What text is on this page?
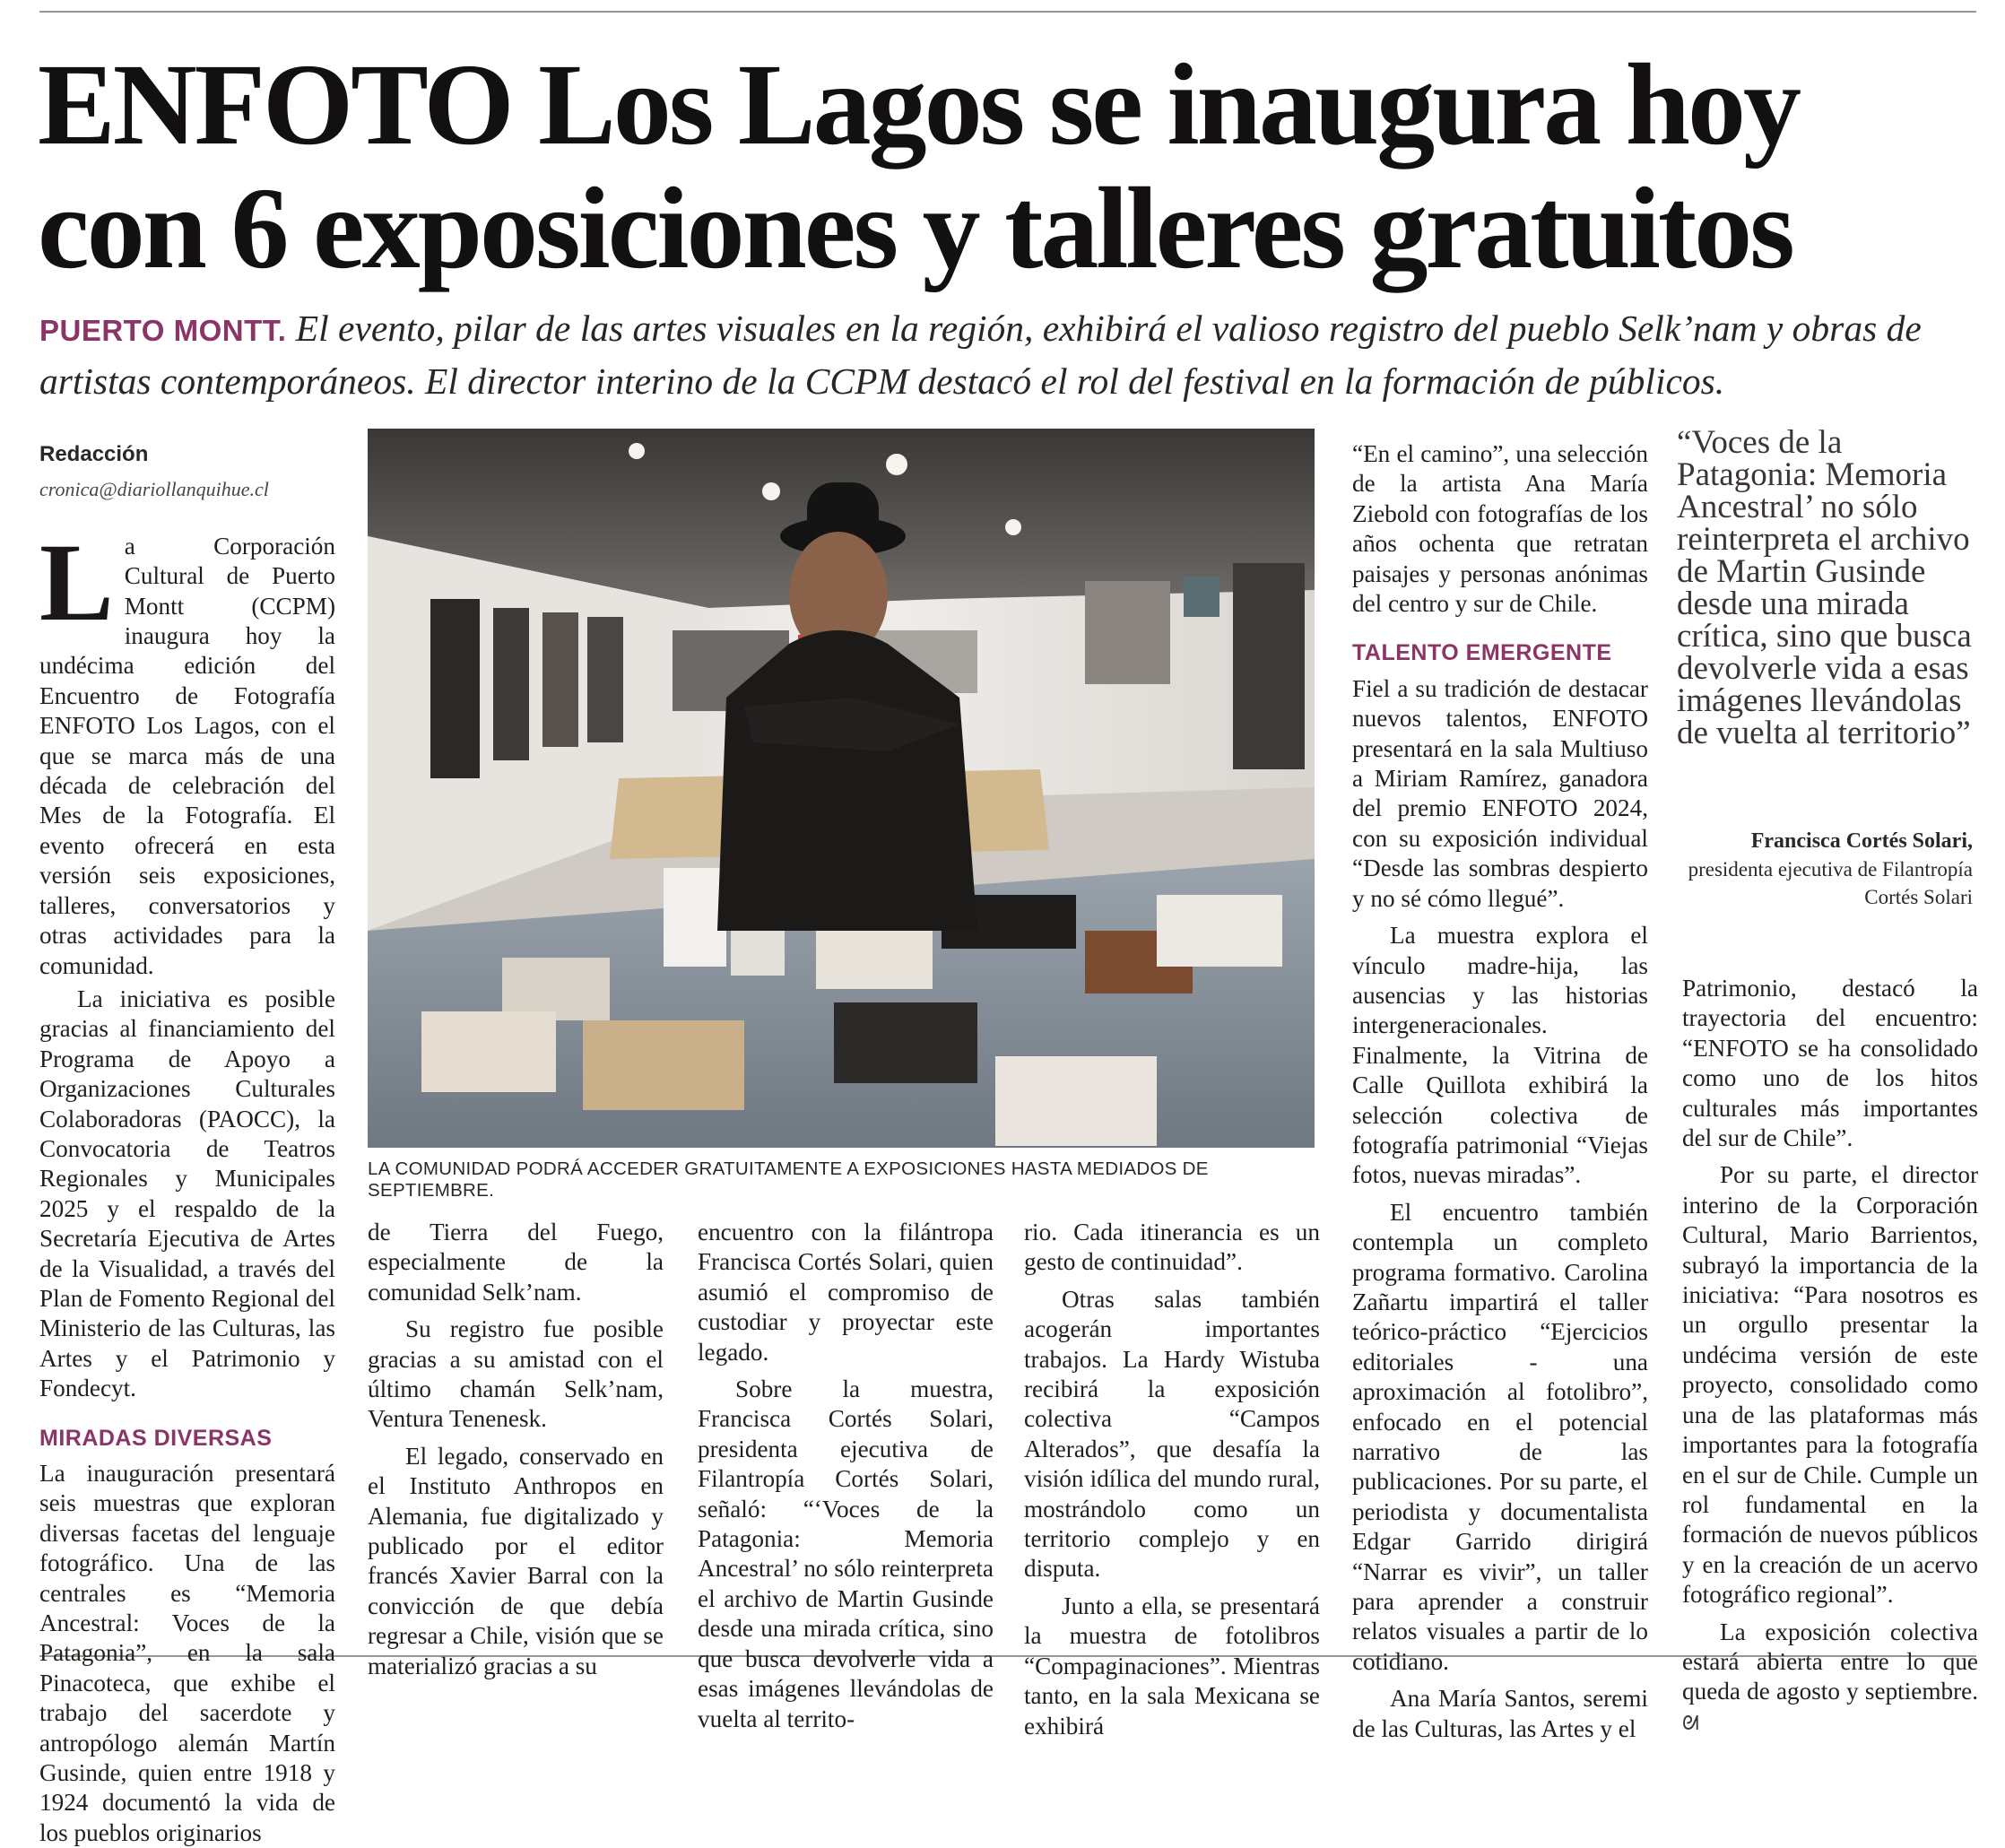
ENFOTO Los Lagos se inaugura hoy
con 6 exposiciones y talleres gratuitos
PUERTO MONTT. El evento, pilar de las artes visuales en la región, exhibirá el valioso registro del pueblo Selk’nam y obras de artistas contemporáneos. El director interino de la CCPM destacó el rol del festival en la formación de públicos.
Redacción
cronica@diariollanquihue.cl

La Corporación Cultural de Puerto Montt (CCPM) inaugura hoy la undécima edición del Encuentro de Fotografía ENFOTO Los Lagos, con el que se marca más de una década de celebración del Mes de la Fotografía. El evento ofrecerá en esta versión seis exposiciones, talleres, conversatorios y otras actividades para la comunidad.

La iniciativa es posible gracias al financiamiento del Programa de Apoyo a Organizaciones Culturales Colaboradoras (PAOCC), la Convocatoria de Teatros Regionales y Municipales 2025 y el respaldo de la Secretaría Ejecutiva de Artes de la Visualidad, a través del Plan de Fomento Regional del Ministerio de las Culturas, las Artes y el Patrimonio y Fondecyt.

MIRADAS DIVERSAS

La inauguración presentará seis muestras que exploran diversas facetas del lenguaje fotográfico. Una de las centrales es “Memoria Ancestral: Voces de la Patagonia”, en la sala Pinacoteca, que exhibe el trabajo del sacerdote y antropólogo alemán Martín Gusinde, quien entre 1918 y 1924 documentó la vida de los pueblos originarios

LA COMUNIDAD PODRÁ ACCEDER GRATUITAMENTE A EXPOSICIONES HASTA MEDIADOS DE SEPTIEMBRE.

de Tierra del Fuego, especialmente de la comunidad Selk’nam.

Su registro fue posible gracias a su amistad con el último chamán Selk’nam, Ventura Tenenesk.

El legado, conservado en el Instituto Anthropos en Alemania, fue digitalizado y publicado por el editor francés Xavier Barral con la convicción de que debía regresar a Chile, visión que se materializó gracias a su

encuentro con la filántropa Francisca Cortés Solari, quien asumió el compromiso de custodiar y proyectar este legado.

Sobre la muestra, Francisca Cortés Solari, presidenta ejecutiva de Filantropía Cortés Solari, señaló: “‘Voces de la Patagonia: Memoria Ancestral’ no sólo reinterpreta el archivo de Martin Gusinde desde una mirada crítica, sino que busca devolverle vida a esas imágenes llevándolas de vuelta al territo-

rio. Cada itinerancia es un gesto de continuidad”.

Otras salas también acogerán importantes trabajos. La Hardy Wistuba recibirá la exposición colectiva “Campos Alterados”, que desafía la visión idílica del mundo rural, mostrándolo como un territorio complejo y en disputa.

Junto a ella, se presentará la muestra de fotolibros “Compaginaciones”. Mientras tanto, en la sala Mexicana se exhibirá

“En el camino”, una selección de la artista Ana María Ziebold con fotografías de los años ochenta que retratan paisajes y personas anónimas del centro y sur de Chile.

TALENTO EMERGENTE

Fiel a su tradición de destacar nuevos talentos, ENFOTO presentará en la sala Multiuso a Miriam Ramírez, ganadora del premio ENFOTO 2024, con su exposición individual “Desde las sombras despierto y no sé cómo llegué”.

La muestra explora el vínculo madre-hija, las ausencias y las historias intergeneracionales. Finalmente, la Vitrina de Calle Quillota exhibirá la selección colectiva de fotografía patrimonial “Viejas fotos, nuevas miradas”.

El encuentro también contempla un completo programa formativo. Carolina Zañartu impartirá el taller teórico-práctico “Ejercicios editoriales - una aproximación al fotolibro”, enfocado en el potencial narrativo de las publicaciones. Por su parte, el periodista y documentalista Edgar Garrido dirigirá “Narrar es vivir”, un taller para aprender a construir relatos visuales a partir de lo cotidiano.

Ana María Santos, seremi de las Culturas, las Artes y el

“Voces de la Patagonia: Memoria Ancestral’ no sólo reinterpreta el archivo de Martin Gusinde desde una mirada crítica, sino que busca devolverle vida a esas imágenes llevándolas de vuelta al territorio”
Francisca Cortés Solari,
presidenta ejecutiva de Filantropía Cortés Solari

Patrimonio, destacó la trayectoria del encuentro: “ENFOTO se ha consolidado como uno de los hitos culturales más importantes del sur de Chile”.

Por su parte, el director interino de la Corporación Cultural, Mario Barrientos, subrayó la importancia de la iniciativa: “Para nosotros es un orgullo presentar la undécima versión de este proyecto, consolidado como una de las plataformas más importantes para la fotografía en el sur de Chile. Cumple un rol fundamental en la formación de nuevos públicos y en la creación de un acervo fotográfico regional”.

La exposición colectiva estará abierta entre lo que queda de agosto y septiembre. ᘛ
